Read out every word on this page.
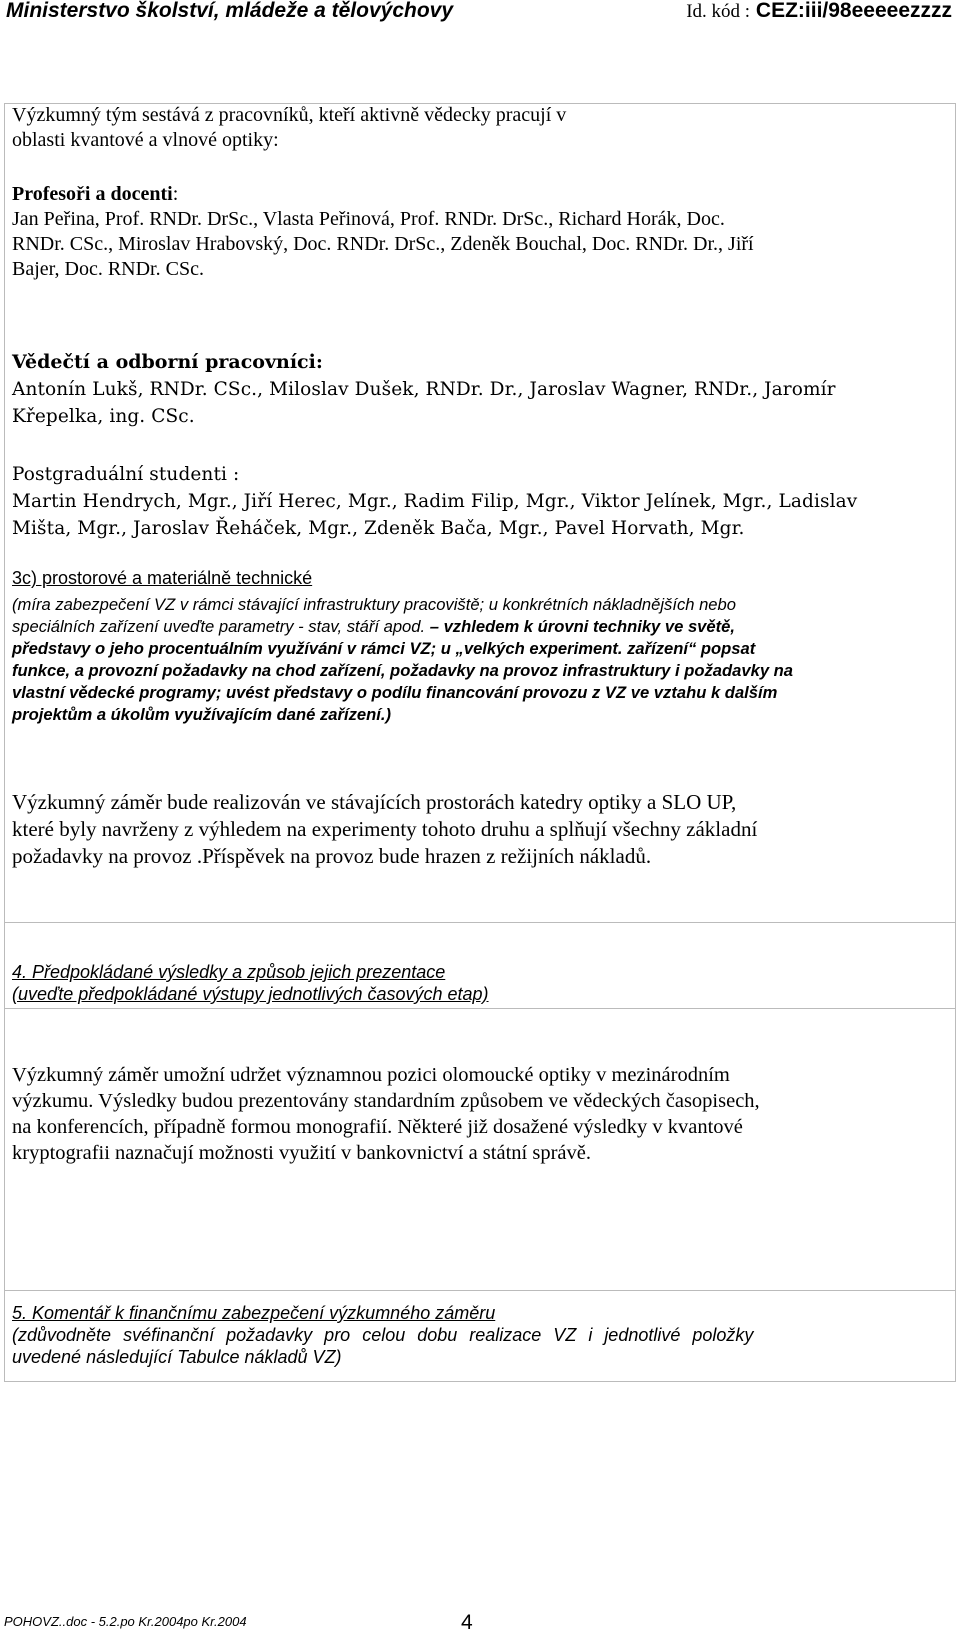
Ministerstvo školství, mládeže a tělovýchovy	Id. kód : CEZ:iii/98eeeeezzzz

Výzkumný tým sestává z pracovníků, kteří aktivně vědecky pracují v

oblasti kvantové a vlnové optiky:

Profesoři a docenti:

Jan Peřina, Prof. RNDr. DrSc., Vlasta Peřinová, Prof. RNDr. DrSc., Richard Horák, Doc.

RNDr. CSc., Miroslav Hrabovský, Doc. RNDr. DrSc., Zdeněk Bouchal, Doc. RNDr. Dr., Jiří

Bajer, Doc. RNDr. CSc.

Vědečtí a odborní pracovníci:

Antonín Lukš, RNDr. CSc., Miloslav Dušek, RNDr. Dr., Jaroslav Wagner, RNDr., Jaromír

Křepelka, ing. CSc.

Postgraduální studenti :

Martin Hendrych, Mgr., Jiří Herec, Mgr., Radim Filip, Mgr., Viktor Jelínek, Mgr., Ladislav

Mišta, Mgr., Jaroslav Řeháček, Mgr., Zdeněk Bača, Mgr., Pavel Horvath, Mgr.

3c) prostorové a materiálně technické

(míra zabezpečení VZ v rámci stávající infrastruktury pracoviště; u konkrétních nákladnějších nebo

speciálních zařízení uveďte parametry - stav, stáří apod. – vzhledem k úrovni techniky ve světě,

představy o jeho procentuálním využívání v rámci VZ; u „velkých experiment. zařízení“ popsat

funkce, a provozní požadavky na chod zařízení, požadavky na provoz infrastruktury i požadavky na

vlastní vědecké programy; uvést představy o podílu financování provozu z VZ ve vztahu k dalším

projektům a úkolům využívajícím dané zařízení.)

Výzkumný záměr bude realizován ve stávajících prostorách katedry optiky a SLO UP,

které byly navrženy z výhledem na experimenty tohoto druhu a splňují všechny základní

požadavky na provoz .Příspěvek na provoz bude hrazen z režijních nákladů.

4. Předpokládané výsledky a způsob jejich prezentace

(uveďte předpokládané výstupy jednotlivých časových etap)

Výzkumný záměr umožní udržet významnou pozici olomoucké optiky v mezinárodním

výzkumu. Výsledky budou prezentovány standardním způsobem ve vědeckých časopisech,

na konferencích, případně formou monografií. Některé již dosažené výsledky v kvantové

kryptografii naznačují možnosti využití v bankovnictví a státní správě.

5. Komentář k finančnímu zabezpečení výzkumného záměru

(zdůvodněte svéfinanční požadavky pro celou dobu realizace VZ i jednotlivé položky

uvedené následující Tabulce nákladů VZ)

POHOVZ..doc - 5.2.po Kr.2004po Kr.2004	4
